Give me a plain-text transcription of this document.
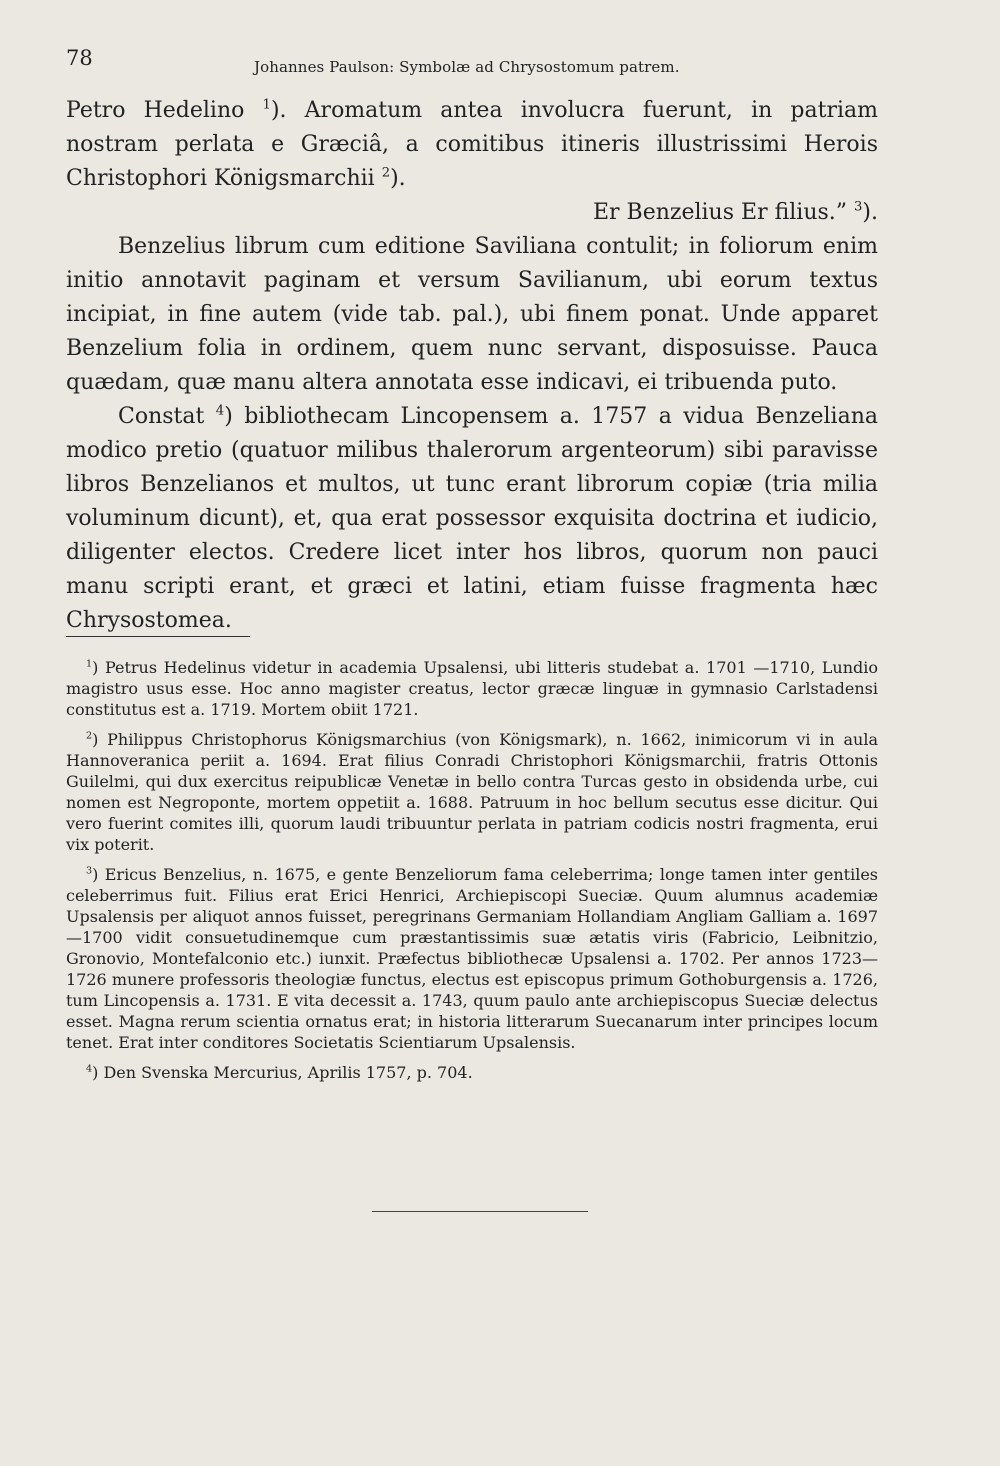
78	Johannes Paulson: Symbolæ ad Chrysostomum patrem.

Petro Hedelino $^1$). Aromatum antea involucra fuerunt, in patriam nostram perlata e Græciâ, a comitibus itineris illustrissimi Herois Christophori Königsmarchii $^2$).

Er Benzelius Er filius.” $^3$).

Benzelius librum cum editione Saviliana contulit; in foliorum enim initio annotavit paginam et versum Savilianum, ubi eorum textus incipiat, in fine autem (vide tab. pal.), ubi finem ponat. Unde apparet Benzelium folia in ordinem, quem nunc servant, disposuisse. Pauca quædam, quæ manu altera annotata esse indicavi, ei tribuenda puto.

Constat $^4$) bibliothecam Lincopensem a. 1757 a vidua Benzeliana modico pretio (quatuor milibus thalerorum argenteorum) sibi paravisse libros Benzelianos et multos, ut tunc erant librorum copiæ (tria milia voluminum dicunt), et, qua erat possessor exquisita doctrina et iudicio, diligenter electos. Credere licet inter hos libros, quorum non pauci manu scripti erant, et græci et latini, etiam fuisse fragmenta hæc Chrysostomea.

$^1$) Petrus Hedelinus videtur in academia Upsalensi, ubi litteris studebat a. 1701 —1710, Lundio magistro usus esse. Hoc anno magister creatus, lector græcæ linguæ in gymnasio Carlstadensi constitutus est a. 1719. Mortem obiit 1721.

$^2$) Philippus Christophorus Königsmarchius (von Königsmark), n. 1662, inimicorum vi in aula Hannoveranica periit a. 1694. Erat filius Conradi Christophori Königsmarchii, fratris Ottonis Guilelmi, qui dux exercitus reipublicæ Venetæ in bello contra Turcas gesto in obsidenda urbe, cui nomen est Negroponte, mortem oppetiit a. 1688. Patruum in hoc bellum secutus esse dicitur. Qui vero fuerint comites illi, quorum laudi tribuuntur perlata in patriam codicis nostri fragmenta, erui vix poterit.

$^3$) Ericus Benzelius, n. 1675, e gente Benzeliorum fama celeberrima; longe tamen inter gentiles celeberrimus fuit. Filius erat Erici Henrici, Archiepiscopi Sueciæ. Quum alumnus academiæ Upsalensis per aliquot annos fuisset, peregrinans Germaniam Hollandiam Angliam Galliam a. 1697—1700 vidit consuetudinemque cum præstantissimis suæ ætatis viris (Fabricio, Leibnitzio, Gronovio, Montefalconio etc.) iunxit. Præfectus bibliothecæ Upsalensi a. 1702. Per annos 1723—1726 munere professoris theologiæ functus, electus est episcopus primum Gothoburgensis a. 1726, tum Lincopensis a. 1731. E vita decessit a. 1743, quum paulo ante archiepiscopus Sueciæ delectus esset. Magna rerum scientia ornatus erat; in historia litterarum Suecanarum inter principes locum tenet. Erat inter conditores Societatis Scientiarum Upsalensis.

$^4$) Den Svenska Mercurius, Aprilis 1757, p. 704.
